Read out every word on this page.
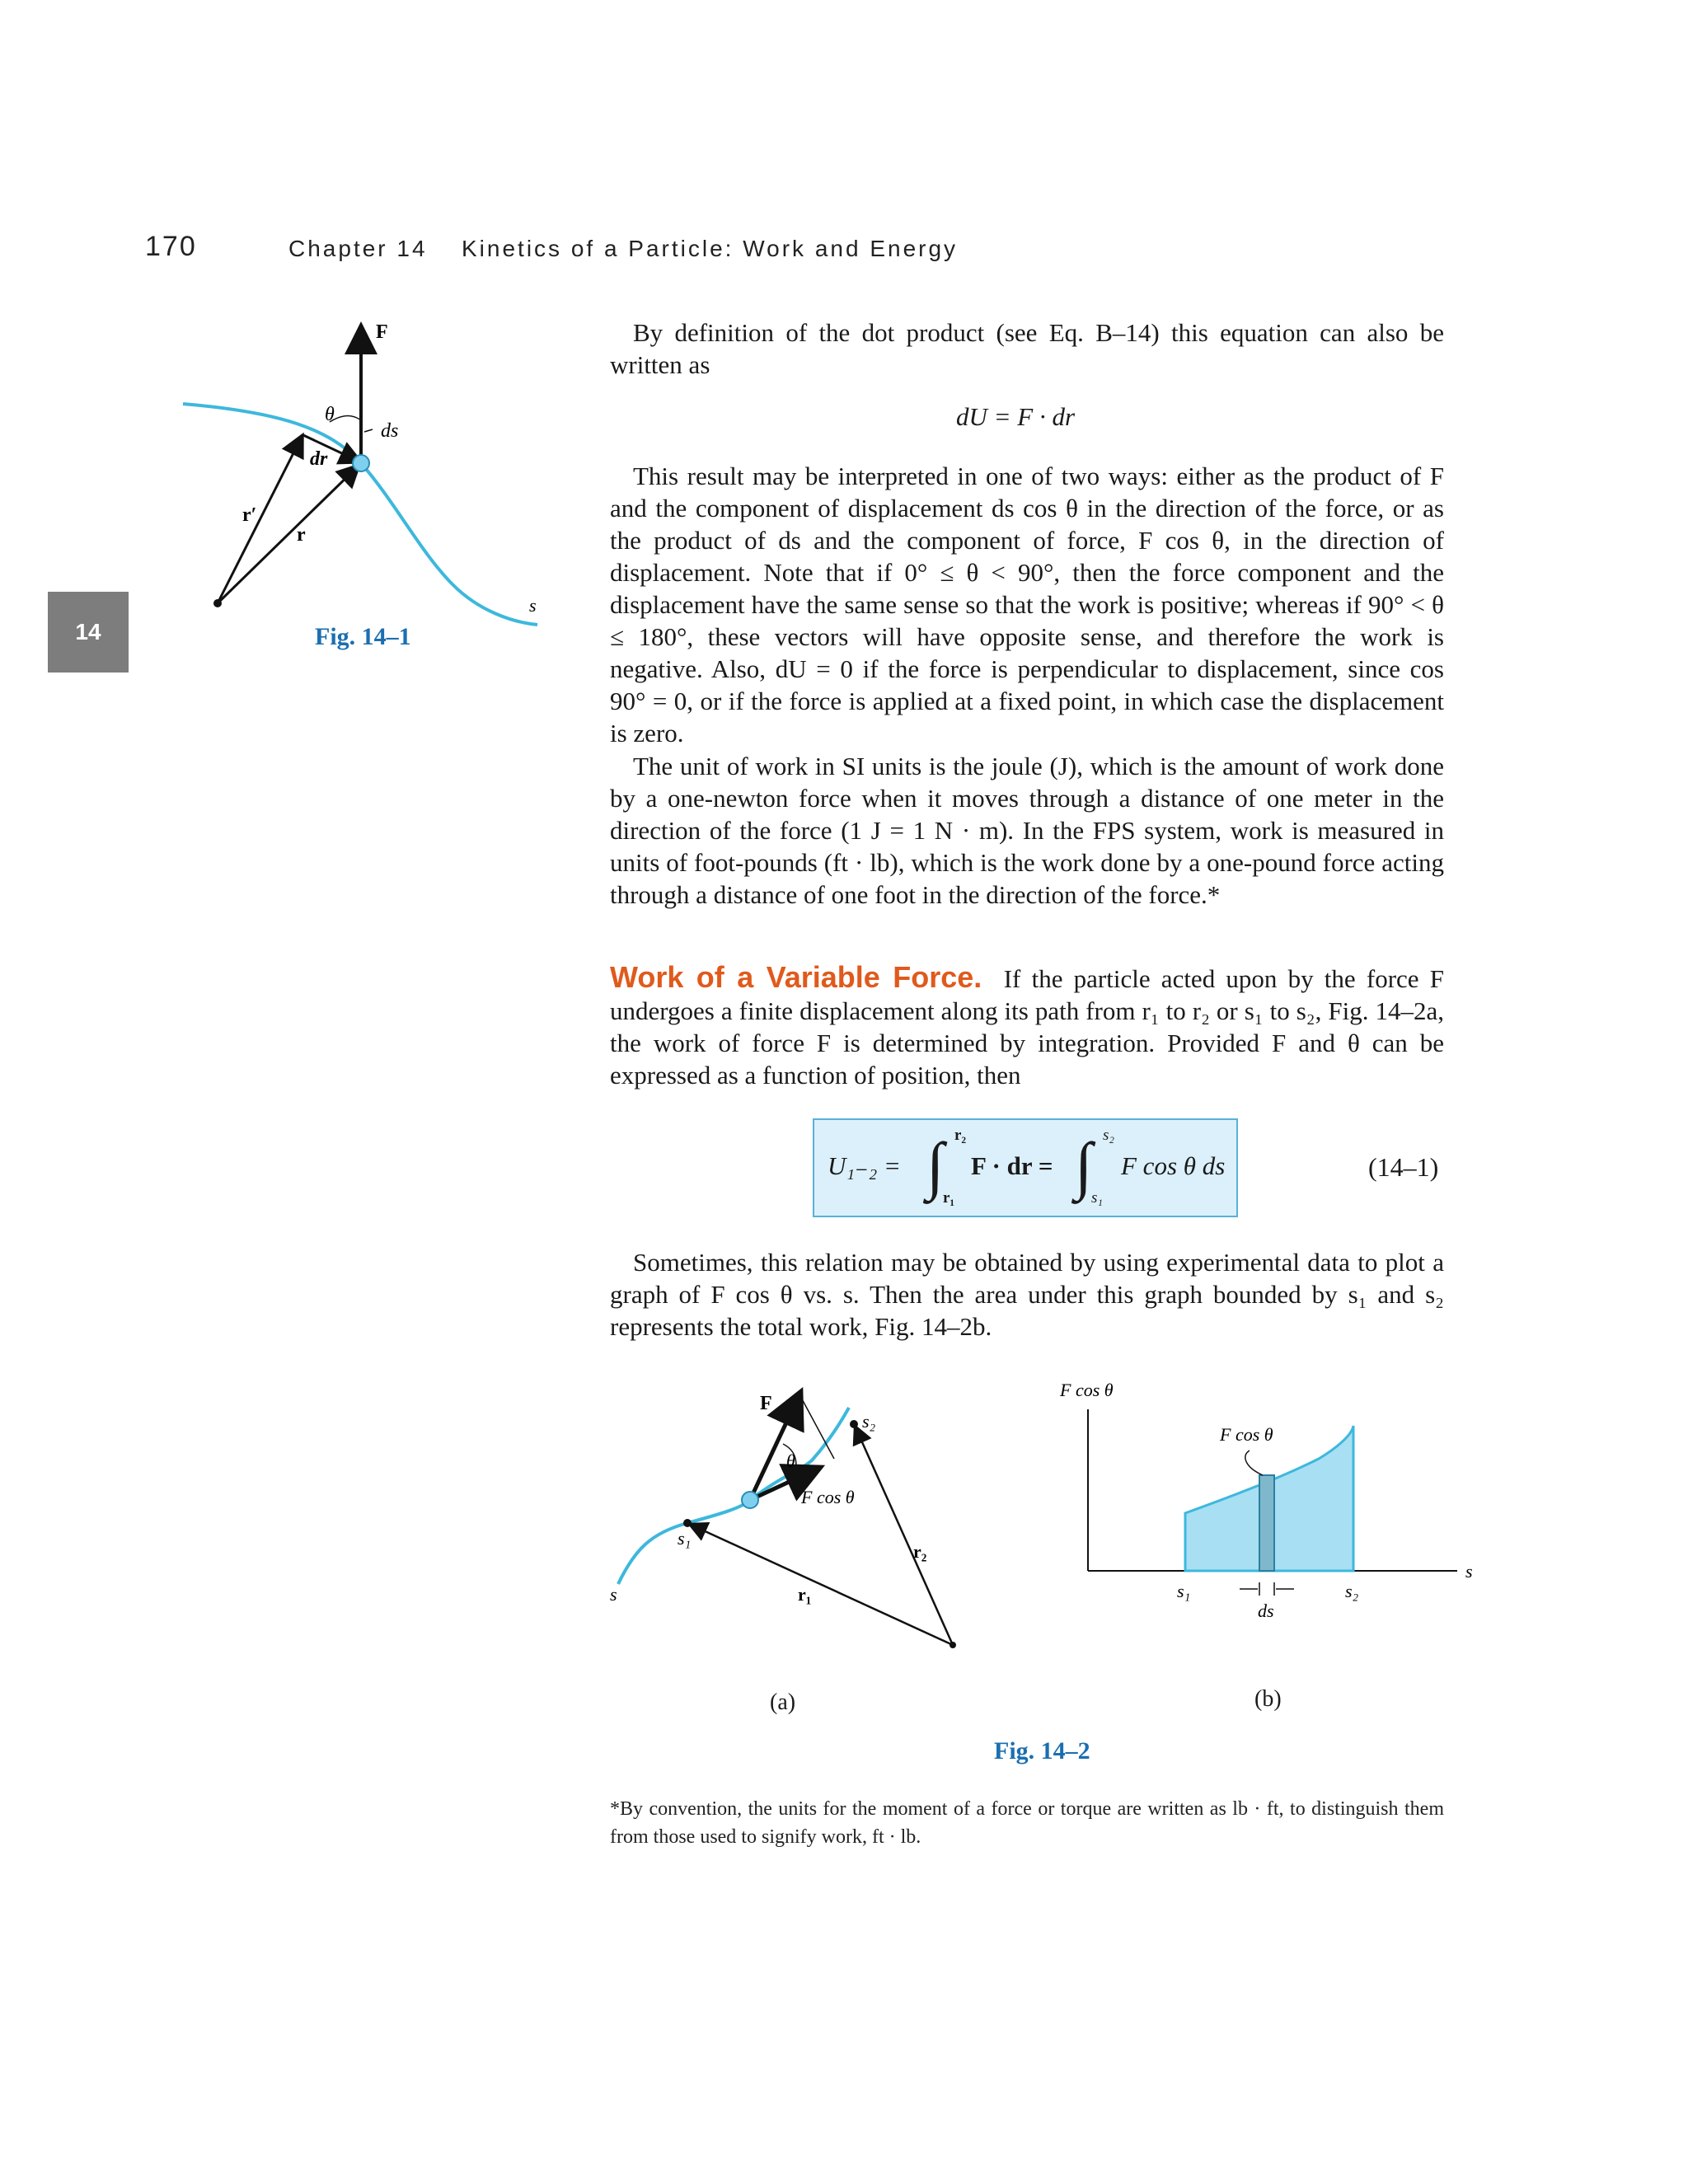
170	Chapter 14 Kinetics of a Particle: Work and Energy
14
F
θ
ds
dr
r′
r
s
Fig. 14–1
By definition of the dot product (see Eq. B–14) this equation can also be written as
dU = F · dr
This result may be interpreted in one of two ways: either as the product of F and the component of displacement ds cos θ in the direction of the force, or as the product of ds and the component of force, F cos θ, in the direction of displacement. Note that if 0° ≤ θ < 90°, then the force component and the displacement have the same sense so that the work is positive; whereas if 90° < θ ≤ 180°, these vectors will have opposite sense, and therefore the work is negative. Also, dU = 0 if the force is perpendicular to displacement, since cos 90° = 0, or if the force is applied at a fixed point, in which case the displacement is zero.
The unit of work in SI units is the joule (J), which is the amount of work done by a one-newton force when it moves through a distance of one meter in the direction of the force (1 J = 1 N · m). In the FPS system, work is measured in units of foot-pounds (ft · lb), which is the work done by a one-pound force acting through a distance of one foot in the direction of the force.*
Work of a Variable Force. If the particle acted upon by the force F undergoes a finite displacement along its path from r₁ to r₂ or s₁ to s₂, Fig. 14–2a, the work of force F is determined by integration. Provided F and θ can be expressed as a function of position, then
U₁₋₂ = ∫ r₂
r₁
F · dr = ∫ s₂
s₁
F cos θ ds	(14–1)
Sometimes, this relation may be obtained by using experimental data to plot a graph of F cos θ vs. s. Then the area under this graph bounded by s₁ and s₂ represents the total work, Fig. 14–2b.
F
θ
F cos θ
s₁
s₂
r₁
r₂
s
(a)
F cos θ
F cos θ
s₁	s₂
ds
s
(b)
Fig. 14–2
*By convention, the units for the moment of a force or torque are written as lb · ft, to distinguish them from those used to signify work, ft · lb.
